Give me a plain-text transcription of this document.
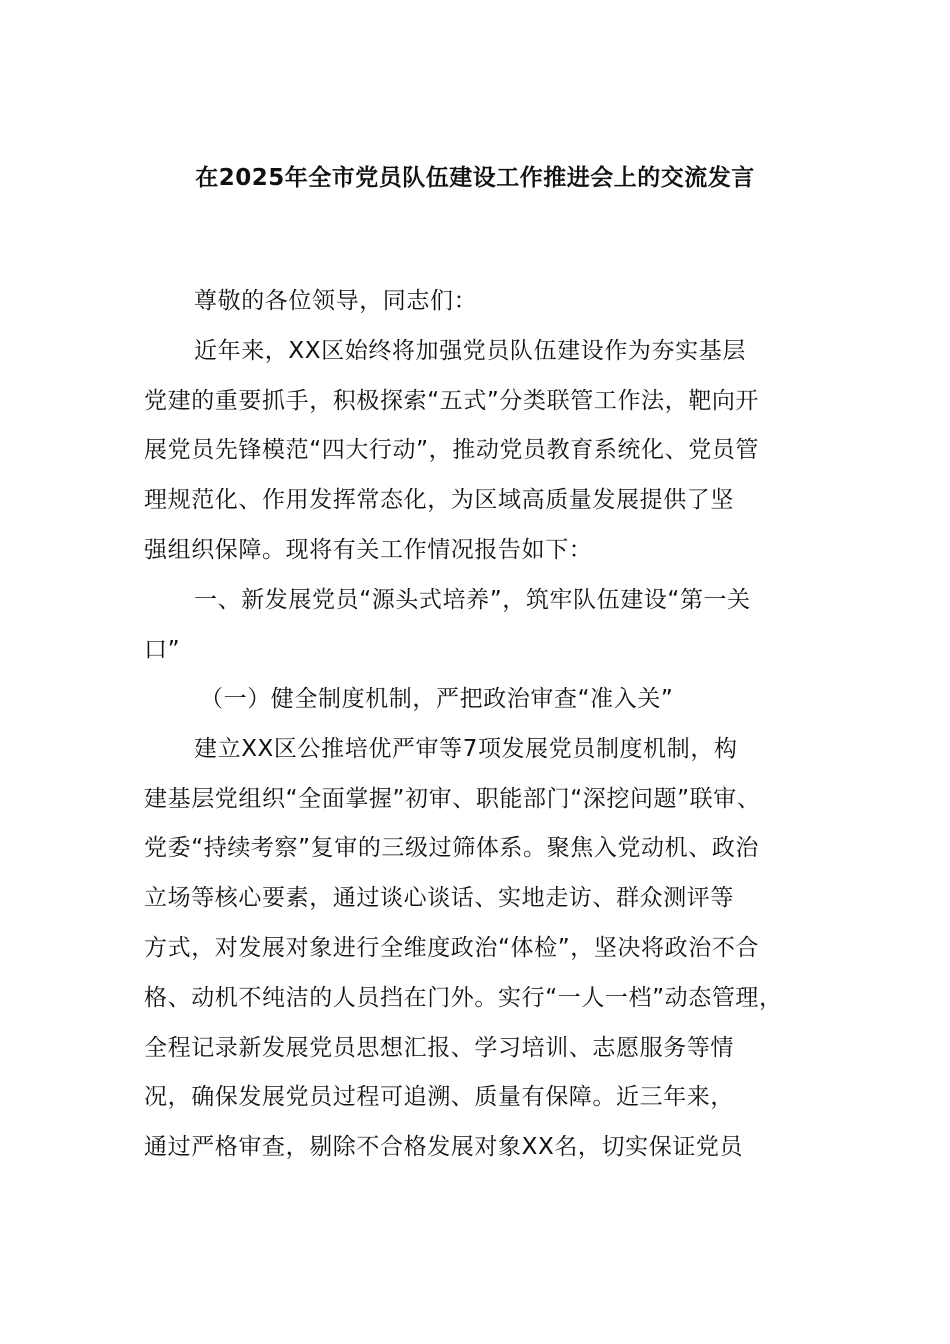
在2025年全市党员队伍建设工作推进会上的交流发言
尊敬的各位领导，同志们：
近年来，XX区始终将加强党员队伍建设作为夯实基层
党建的重要抓手，积极探索“五式”分类联管工作法，靶向开
展党员先锋模范“四大行动”，推动党员教育系统化、党员管
理规范化、作用发挥常态化，为区域高质量发展提供了坚
强组织保障。现将有关工作情况报告如下：
一、新发展党员“源头式培养”，筑牢队伍建设“第一关
口”
（一）健全制度机制，严把政治审查“准入关”
建立XX区公推培优严审等7项发展党员制度机制，构
建基层党组织“全面掌握”初审、职能部门“深挖问题”联审、
党委“持续考察”复审的三级过筛体系。聚焦入党动机、政治
立场等核心要素，通过谈心谈话、实地走访、群众测评等
方式，对发展对象进行全维度政治“体检”，坚决将政治不合
格、动机不纯洁的人员挡在门外。实行“一人一档”动态管理，
全程记录新发展党员思想汇报、学习培训、志愿服务等情
况，确保发展党员过程可追溯、质量有保障。近三年来，
通过严格审查，剔除不合格发展对象XX名，切实保证党员
